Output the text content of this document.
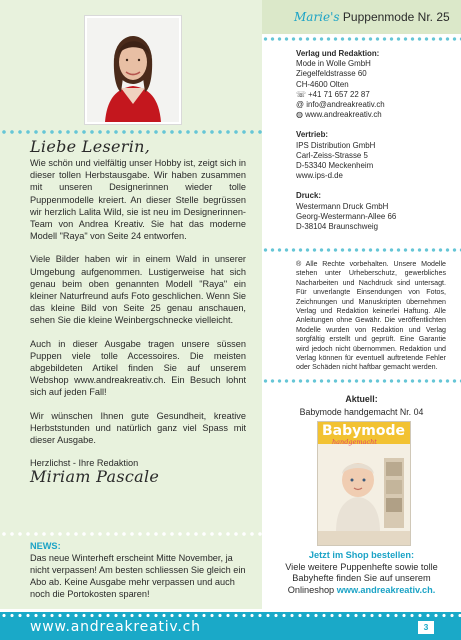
Liebe Leserin,

Wie schön und vielfältig unser Hobby ist, zeigt sich in dieser tollen Herbstausgabe. Wir haben zusammen mit unseren Designerinnen wieder tolle Puppenmodelle kreiert. An dieser Stelle begrüssen wir herzlich Lalita Wild, sie ist neu im Designerinnen-Team von Andrea Kreativ. Sie hat das moderne Modell "Raya" von Seite 24 entworfen.

Viele Bilder haben wir in einem Wald in unserer Umgebung aufgenommen. Lustigerweise hat sich genau beim oben genannten Modell "Raya" ein kleiner Naturfreund aufs Foto geschlichen. Wenn Sie das kleine Bild von Seite 25 genau anschauen, sehen Sie die kleine Weinbergschnecke vielleicht.

Auch in dieser Ausgabe tragen unsere süssen Puppen viele tolle Accessoires. Die meisten abgebildeten Artikel finden Sie auf unserem Webshop www.andreakreativ.ch. Ein Besuch lohnt sich auf jeden Fall!

Wir wünschen Ihnen gute Gesundheit, kreative Herbststunden und natürlich ganz viel Spass mit dieser Ausgabe.

Herzlichst - Ihre Redaktion

Miriam Pascale
NEWS:
Das neue Winterheft erscheint Mitte November, ja nicht verpassen! Am besten schliessen Sie gleich ein Abo ab. Keine Ausgabe mehr verpassen und auch noch die Portokosten sparen!
Marie's Puppenmode Nr. 25
Verlag und Redaktion:
Mode in Wolle GmbH
Ziegelfeldstrasse 60
CH-4600 Olten
☏ +41 71 657 22 87
@ info@andreakreativ.ch
◍ www.andreakreativ.ch
Vertrieb:
IPS Distribution GmbH
Carl-Zeiss-Strasse 5
D-53340 Meckenheim
www.ips-d.de
Druck:
Westermann Druck GmbH
Georg-Westermann-Allee 66
D-38104 Braunschweig
® Alle Rechte vorbehalten. Unsere Modelle stehen unter Urheberschutz, gewerbliches Nacharbeiten und Nachdruck sind untersagt. Für unverlangte Einsendungen von Fotos, Zeichnungen und Manuskripten übernehmen Verlag und Redaktion keinerlei Haftung. Alle Anleitungen ohne Gewähr. Die veröffentlichten Modelle wurden von Redaktion und Verlag sorgfältig erstellt und geprüft. Eine Garantie wird jedoch nicht übernommen. Redaktion und Verlag können für eventuell auftretende Fehler oder Schäden nicht haftbar gemacht werden.
Aktuell:
Babymode handgemacht Nr. 04
Babymode
handgemacht
Jetzt im Shop bestellen:
Viele weitere Puppenhefte sowie tolle
Babyhefte finden Sie auf unserem
Onlineshop www.andreakreativ.ch.
www.andreakreativ.ch	3
